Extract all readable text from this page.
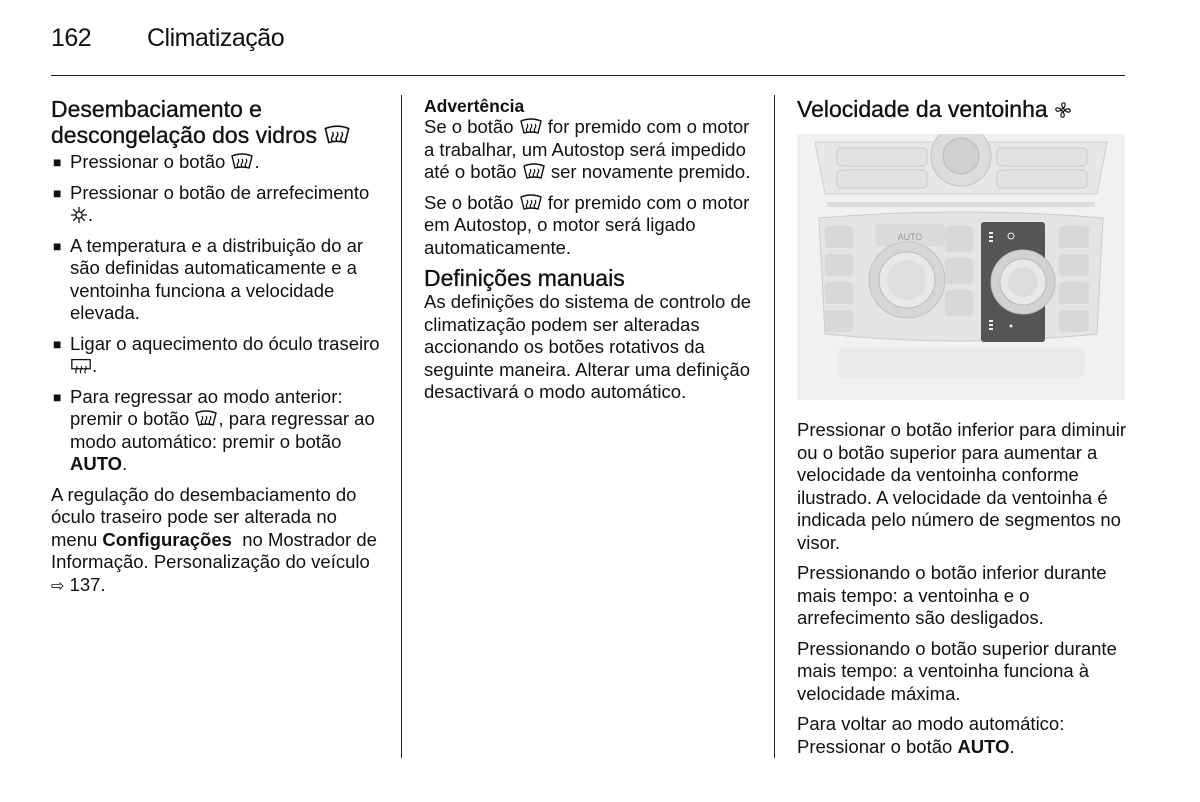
162 Climatização
Desembaciamento e
descongelação dos vidros
■ Pressionar o botão .
■ Pressionar o botão de arrefecimento .
■ A temperatura e a distribuição do ar são definidas automaticamente e a ventoinha funciona a velocidade elevada.
■ Ligar o aquecimento do óculo traseiro .
■ Para regressar ao modo anterior: premir o botão , para regressar ao modo automático: premir o botão AUTO.

A regulação do desembaciamento do óculo traseiro pode ser alterada no menu Configurações  no Mostrador de Informação. Personalização do veículo ⇨ 137.

Advertência

Se o botão  for premido com o motor a trabalhar, um Autostop será impedido até o botão  ser novamente premido.

Se o botão  for premido com o motor em Autostop, o motor será ligado automaticamente.

Definições manuais

As definições do sistema de controlo de climatização podem ser alteradas accionando os botões rotativos da seguinte maneira. Alterar uma definição desactivará o modo automático.

Velocidade da ventoinha
AUTO

Pressionar o botão inferior para diminuir ou o botão superior para aumentar a velocidade da ventoinha conforme ilustrado. A velocidade da ventoinha é indicada pelo número de segmentos no visor.

Pressionando o botão inferior durante mais tempo: a ventoinha e o arrefecimento são desligados.

Pressionando o botão superior durante mais tempo: a ventoinha funciona à velocidade máxima.

Para voltar ao modo automático: Pressionar o botão AUTO.
